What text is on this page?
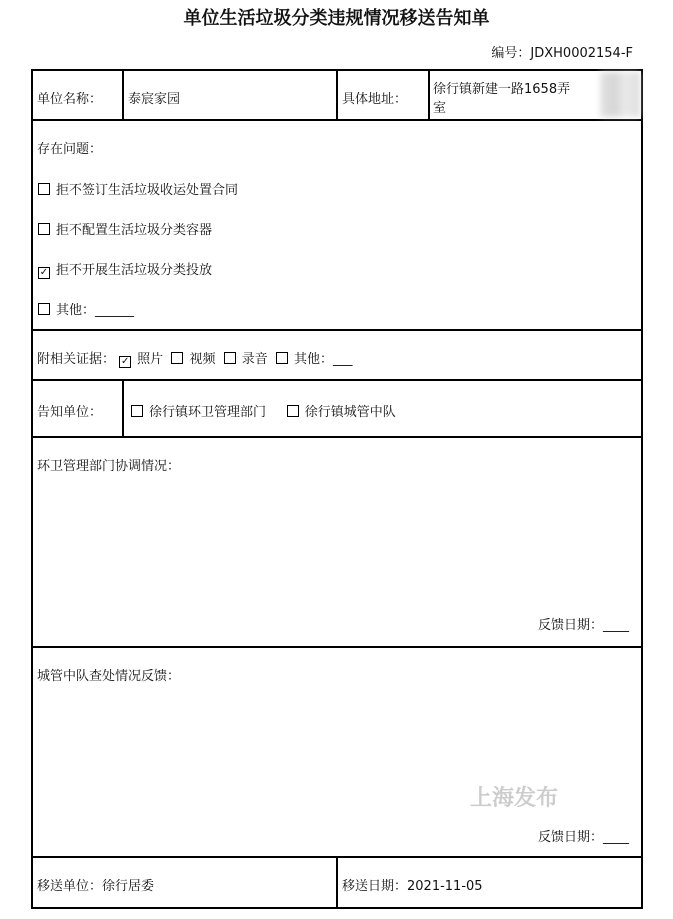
单位生活垃圾分类违规情况移送告知单
编号：JDXH0002154-F
单位名称： 泰宸家园	具体地址：
徐行镇新建一路1658弄
室
存在问题：
拒不签订生活垃圾收运处置合同
拒不配置生活垃圾分类容器
✓ 拒不开展生活垃圾分类投放
其他：______
附相关证据： ✓ 照片 视频 录音 其他：___
告知单位：	徐行镇环卫管理部门	徐行镇城管中队
环卫管理部门协调情况：
反馈日期：____
城管中队查处情况反馈：
上海发布
反馈日期：____
移送单位：徐行居委	移送日期：2021-11-05
